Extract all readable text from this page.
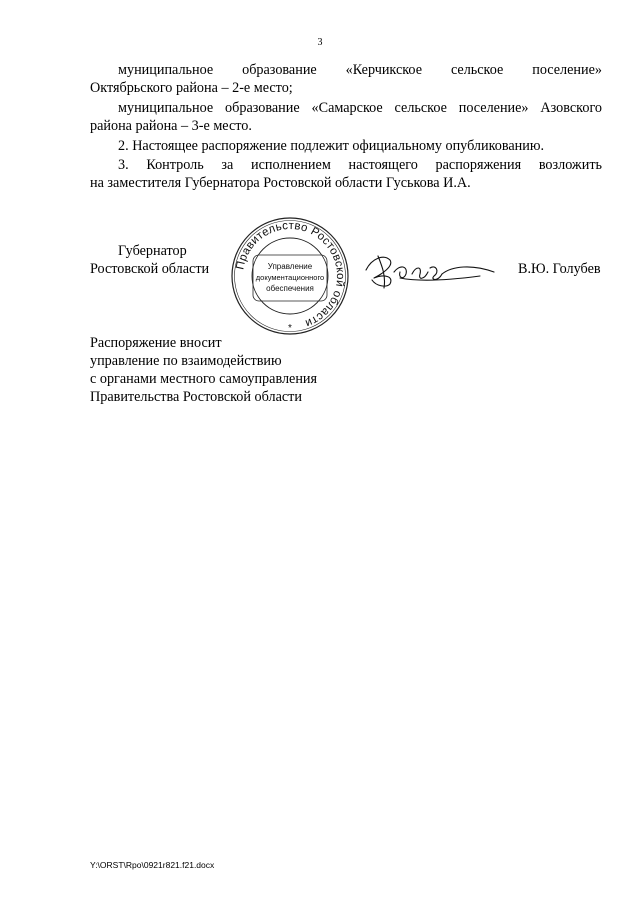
3

муниципальное образование «Керчикское сельское поселение»

Октябрьского района – 2-е место;

муниципальное образование «Самарское сельское поселение» Азовского

района района – 3-е место.
2. Настоящее распоряжение подлежит официальному опубликованию.

3. Контроль за исполнением настоящего распоряжения возложить

на заместителя Губернатора Ростовской области Гуськова И.А.
Губернатор
Ростовской области	В.Ю. Голубев
Правительство Ростовской области
Управление
документационного
обеспечения
*
Распоряжение вносит
управление по взаимодействию
с органами местного самоуправления
Правительства Ростовской области
Y:\ORST\Rpo\0921r821.f21.docx
